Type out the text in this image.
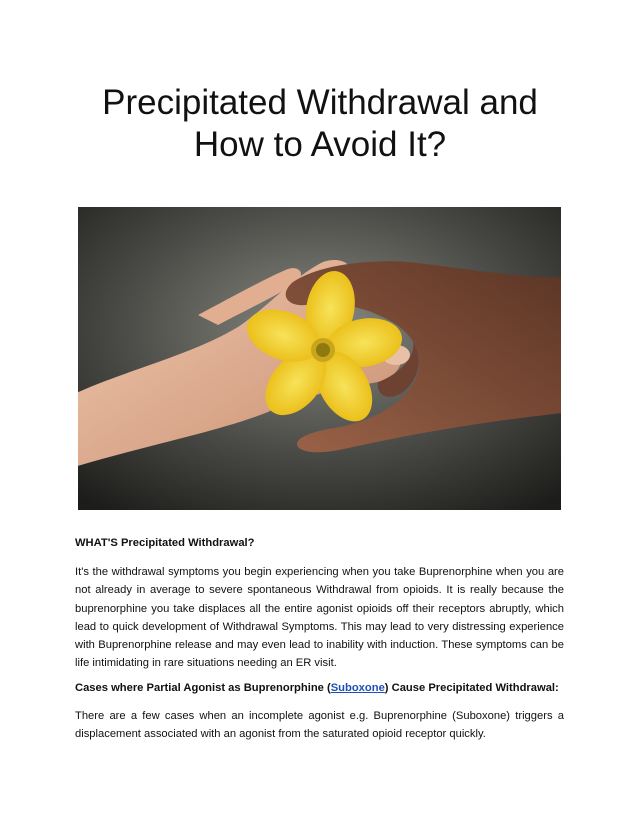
Precipitated Withdrawal and
How to Avoid It?
WHAT'S Precipitated Withdrawal?
It's the withdrawal symptoms you begin experiencing when you take Buprenorphine when you are not already in average to severe spontaneous Withdrawal from opioids. It is really because the buprenorphine you take displaces all the entire agonist opioids off their receptors abruptly, which lead to quick development of Withdrawal Symptoms. This may lead to very distressing experience with Buprenorphine release and may even lead to inability with induction. These symptoms can be life intimidating in rare situations needing an ER visit.
Cases where Partial Agonist as Buprenorphine (Suboxone) Cause Precipitated Withdrawal:
There are a few cases when an incomplete agonist e.g. Buprenorphine (Suboxone) triggers a displacement associated with an agonist from the saturated opioid receptor quickly.
